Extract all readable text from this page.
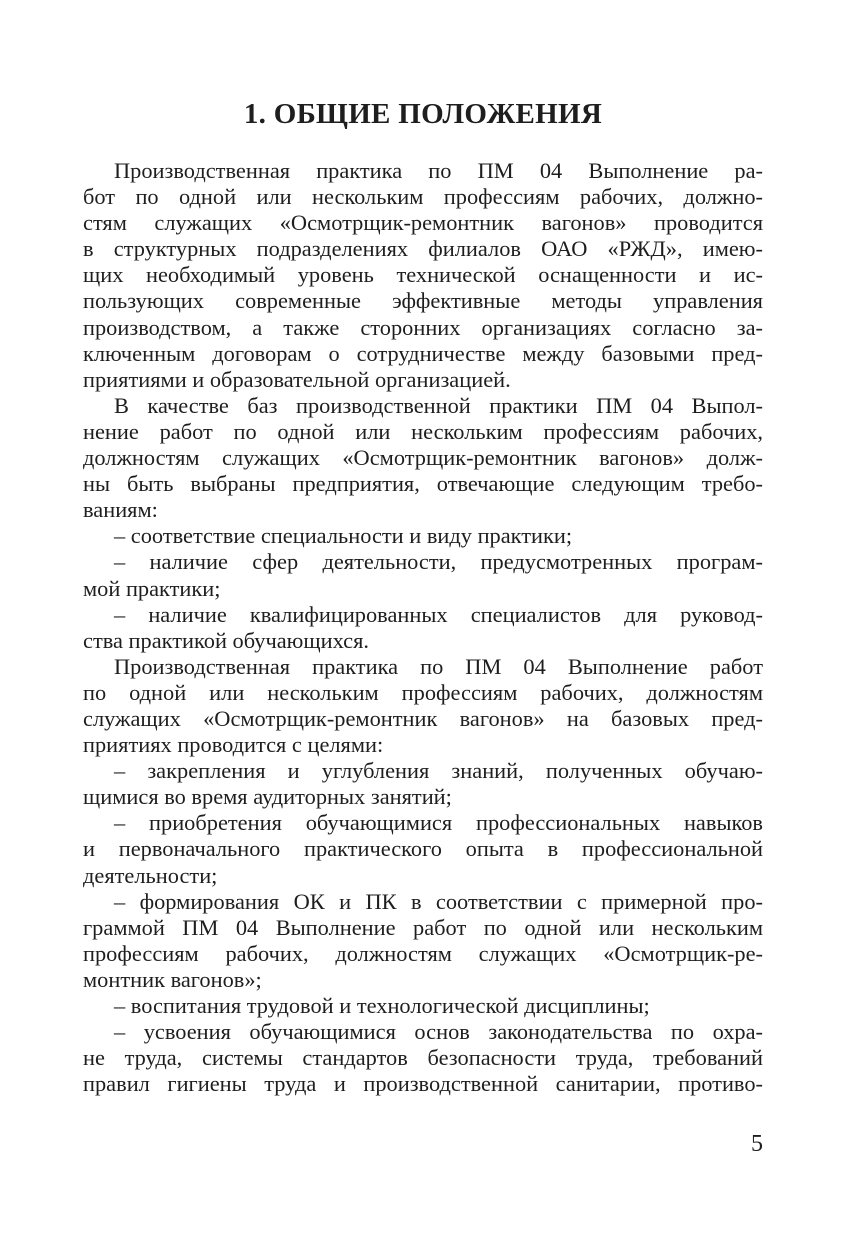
1. ОБЩИЕ ПОЛОЖЕНИЯ
Производственная практика по ПМ 04 Выполнение ра-
бот по одной или нескольким профессиям рабочих, должно-
стям служащих «Осмотрщик-ремонтник вагонов» проводится
в структурных подразделениях филиалов ОАО «РЖД», имею-
щих необходимый уровень технической оснащенности и ис-
пользующих современные эффективные методы управления
производством, а также сторонних организациях согласно за-
ключенным договорам о сотрудничестве между базовыми пред-
приятиями и образовательной организацией.
В качестве баз производственной практики ПМ 04 Выпол-
нение работ по одной или нескольким профессиям рабочих,
должностям служащих «Осмотрщик-ремонтник вагонов» долж-
ны быть выбраны предприятия, отвечающие следующим требо-
ваниям:
– соответствие специальности и виду практики;
– наличие сфер деятельности, предусмотренных програм-
мой практики;
– наличие квалифицированных специалистов для руковод-
ства практикой обучающихся.
Производственная практика по ПМ 04 Выполнение работ
по одной или нескольким профессиям рабочих, должностям
служащих «Осмотрщик-ремонтник вагонов» на базовых пред-
приятиях проводится с целями:
– закрепления и углубления знаний, полученных обучаю-
щимися во время аудиторных занятий;
– приобретения обучающимися профессиональных навыков
и первоначального практического опыта в профессиональной
деятельности;
– формирования ОК и ПК в соответствии с примерной про-
граммой ПМ 04 Выполнение работ по одной или нескольким
профессиям рабочих, должностям служащих «Осмотрщик-ре-
монтник вагонов»;
– воспитания трудовой и технологической дисциплины;
– усвоения обучающимися основ законодательства по охра-
не труда, системы стандартов безопасности труда, требований
правил гигиены труда и производственной санитарии, противо-
5
